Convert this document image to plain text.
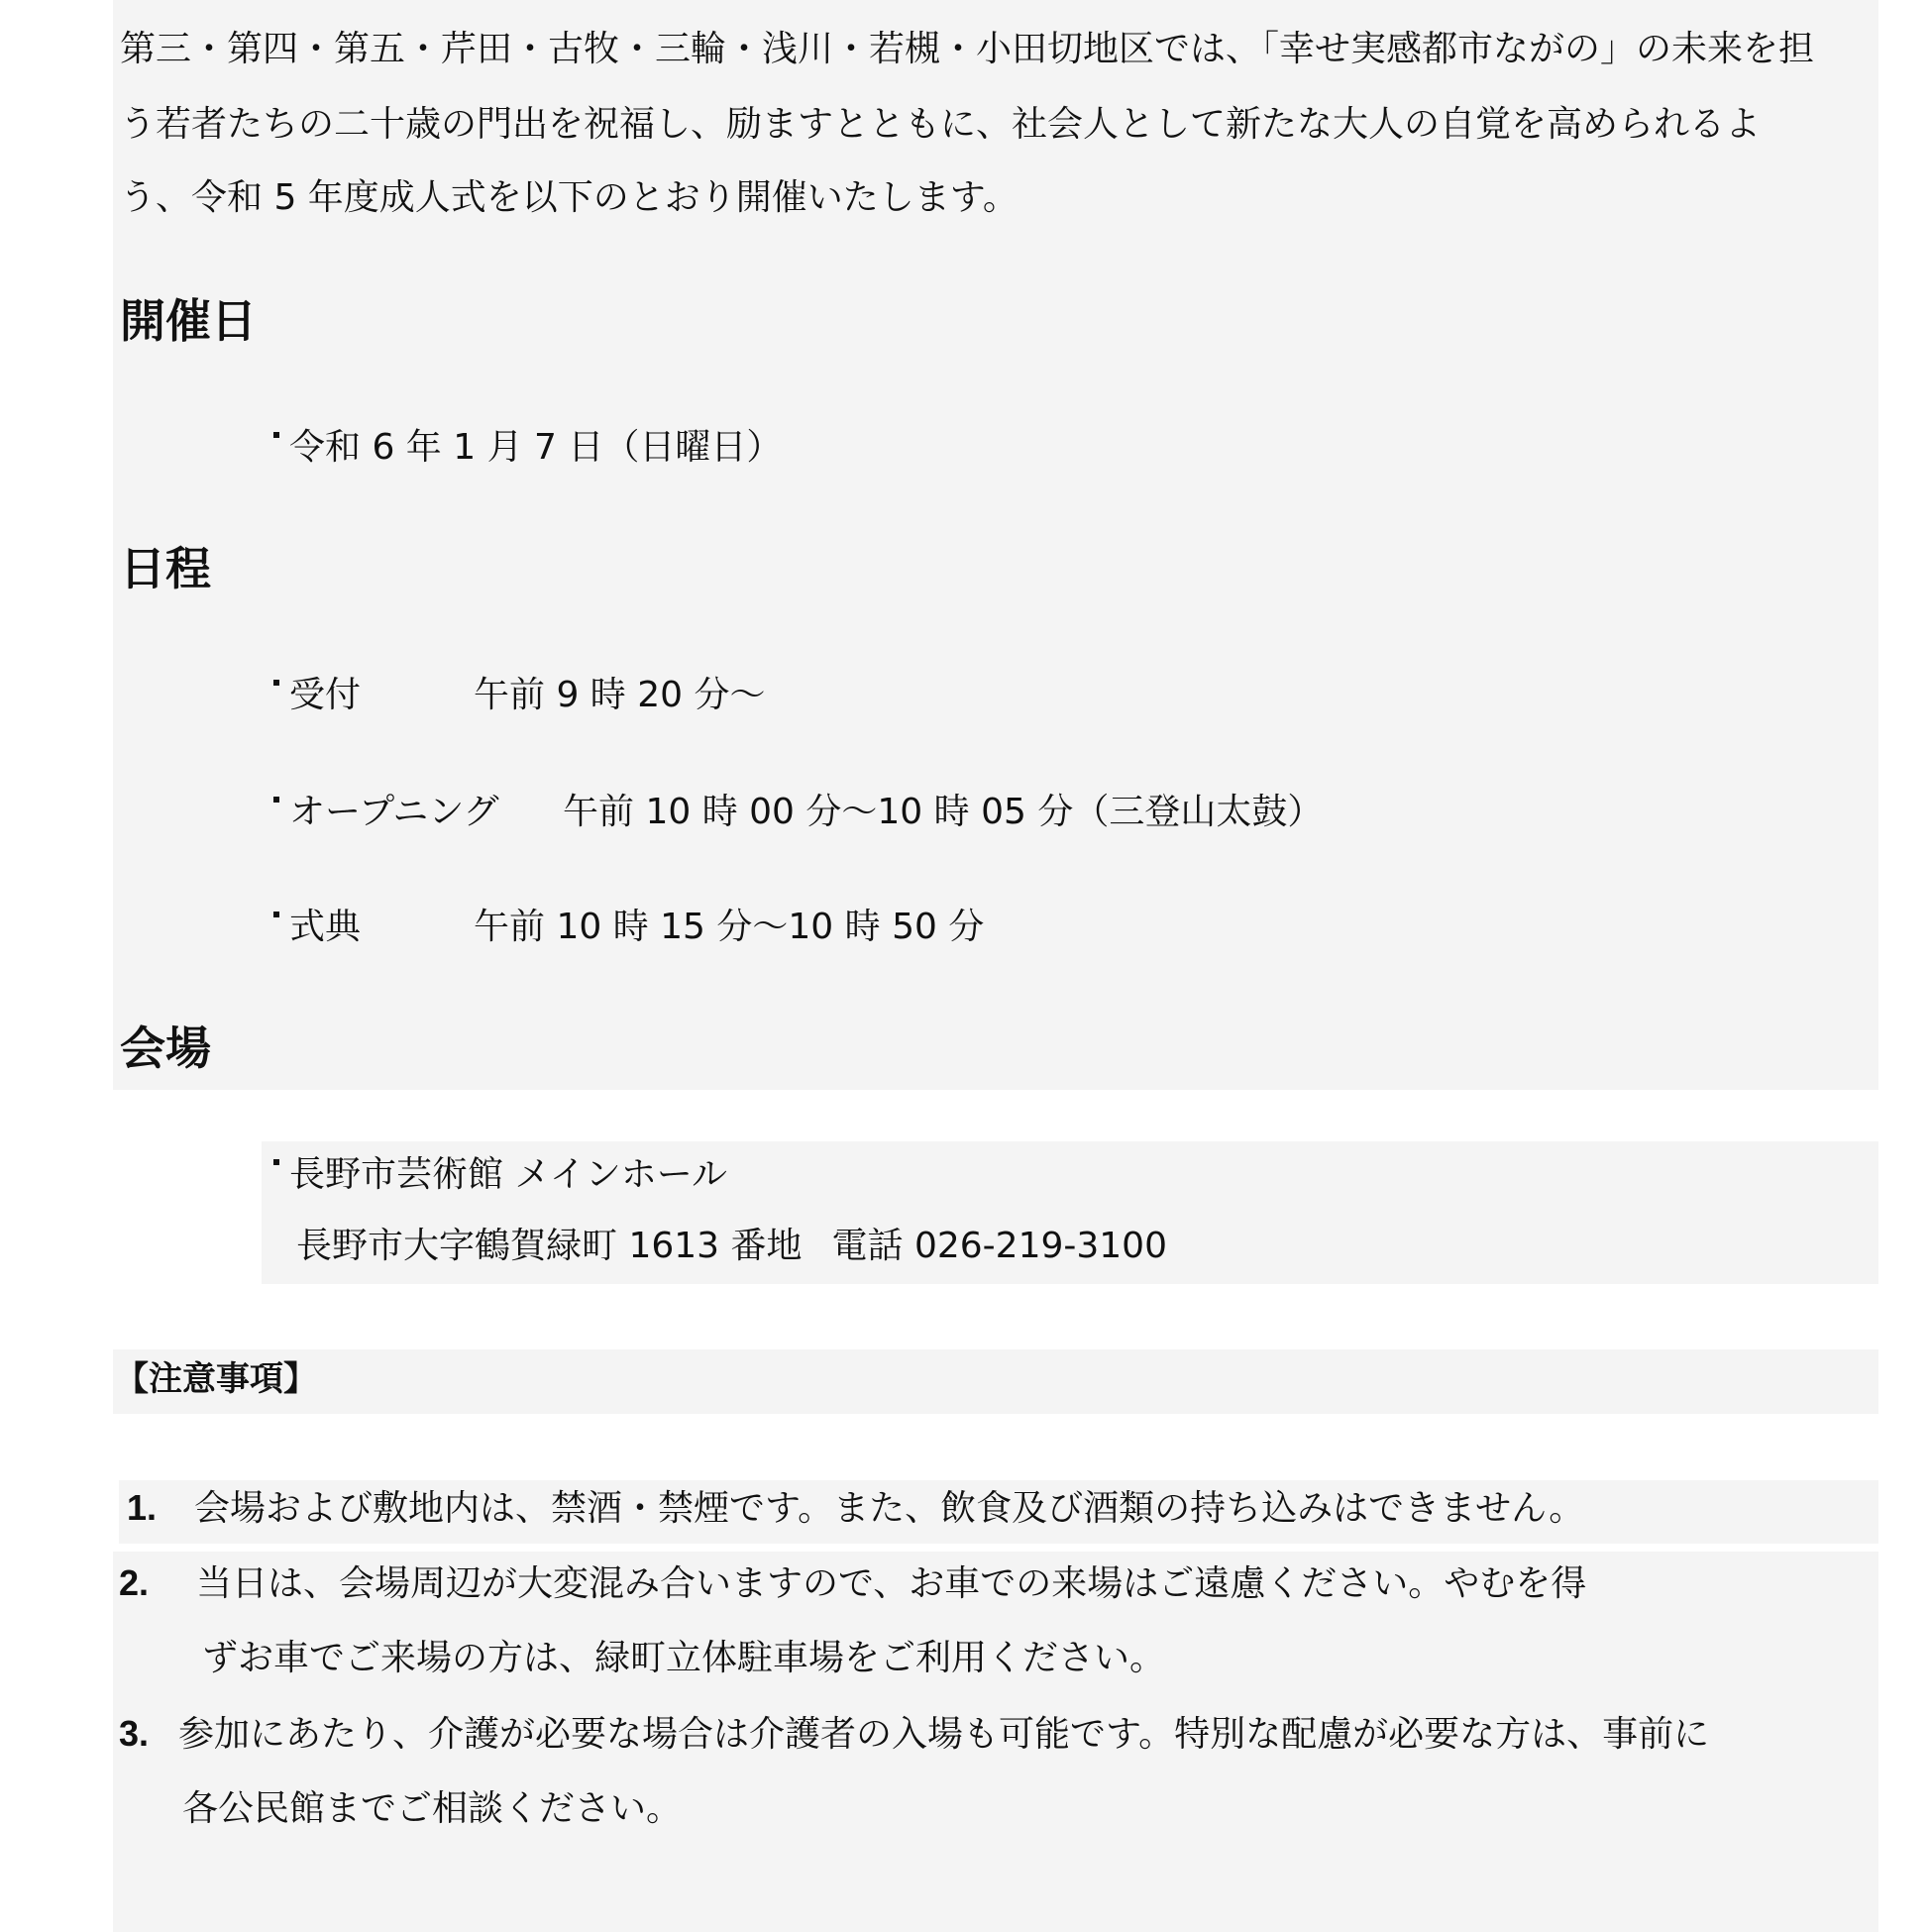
第三・第四・第五・芹田・古牧・三輪・浅川・若槻・小田切地区では、「幸せ実感都市ながの」の未来を担
う若者たちの二十歳の門出を祝福し、励ますとともに、社会人として新たな大人の自覚を高められるよ
う、令和 5 年度成人式を以下のとおり開催いたします。
開催日
令和 6 年 1 月 7 日（日曜日）
日程
受付	午前 9 時 20 分～
オープニング 午前 10 時 00 分～10 時 05 分（三登山太鼓）
式典	午前 10 時 15 分～10 時 50 分
会場
長野市芸術館 メインホール
長野市大字鶴賀緑町 1613 番地 電話 026-219-3100
【注意事項】
1. 会場および敷地内は、禁酒・禁煙です。また、飲食及び酒類の持ち込みはできません。
2. 当日は、会場周辺が大変混み合いますので、お車での来場はご遠慮ください。やむを得
ずお車でご来場の方は、緑町立体駐車場をご利用ください。
3. 参加にあたり、介護が必要な場合は介護者の入場も可能です。特別な配慮が必要な方は、事前に
各公民館までご相談ください。
